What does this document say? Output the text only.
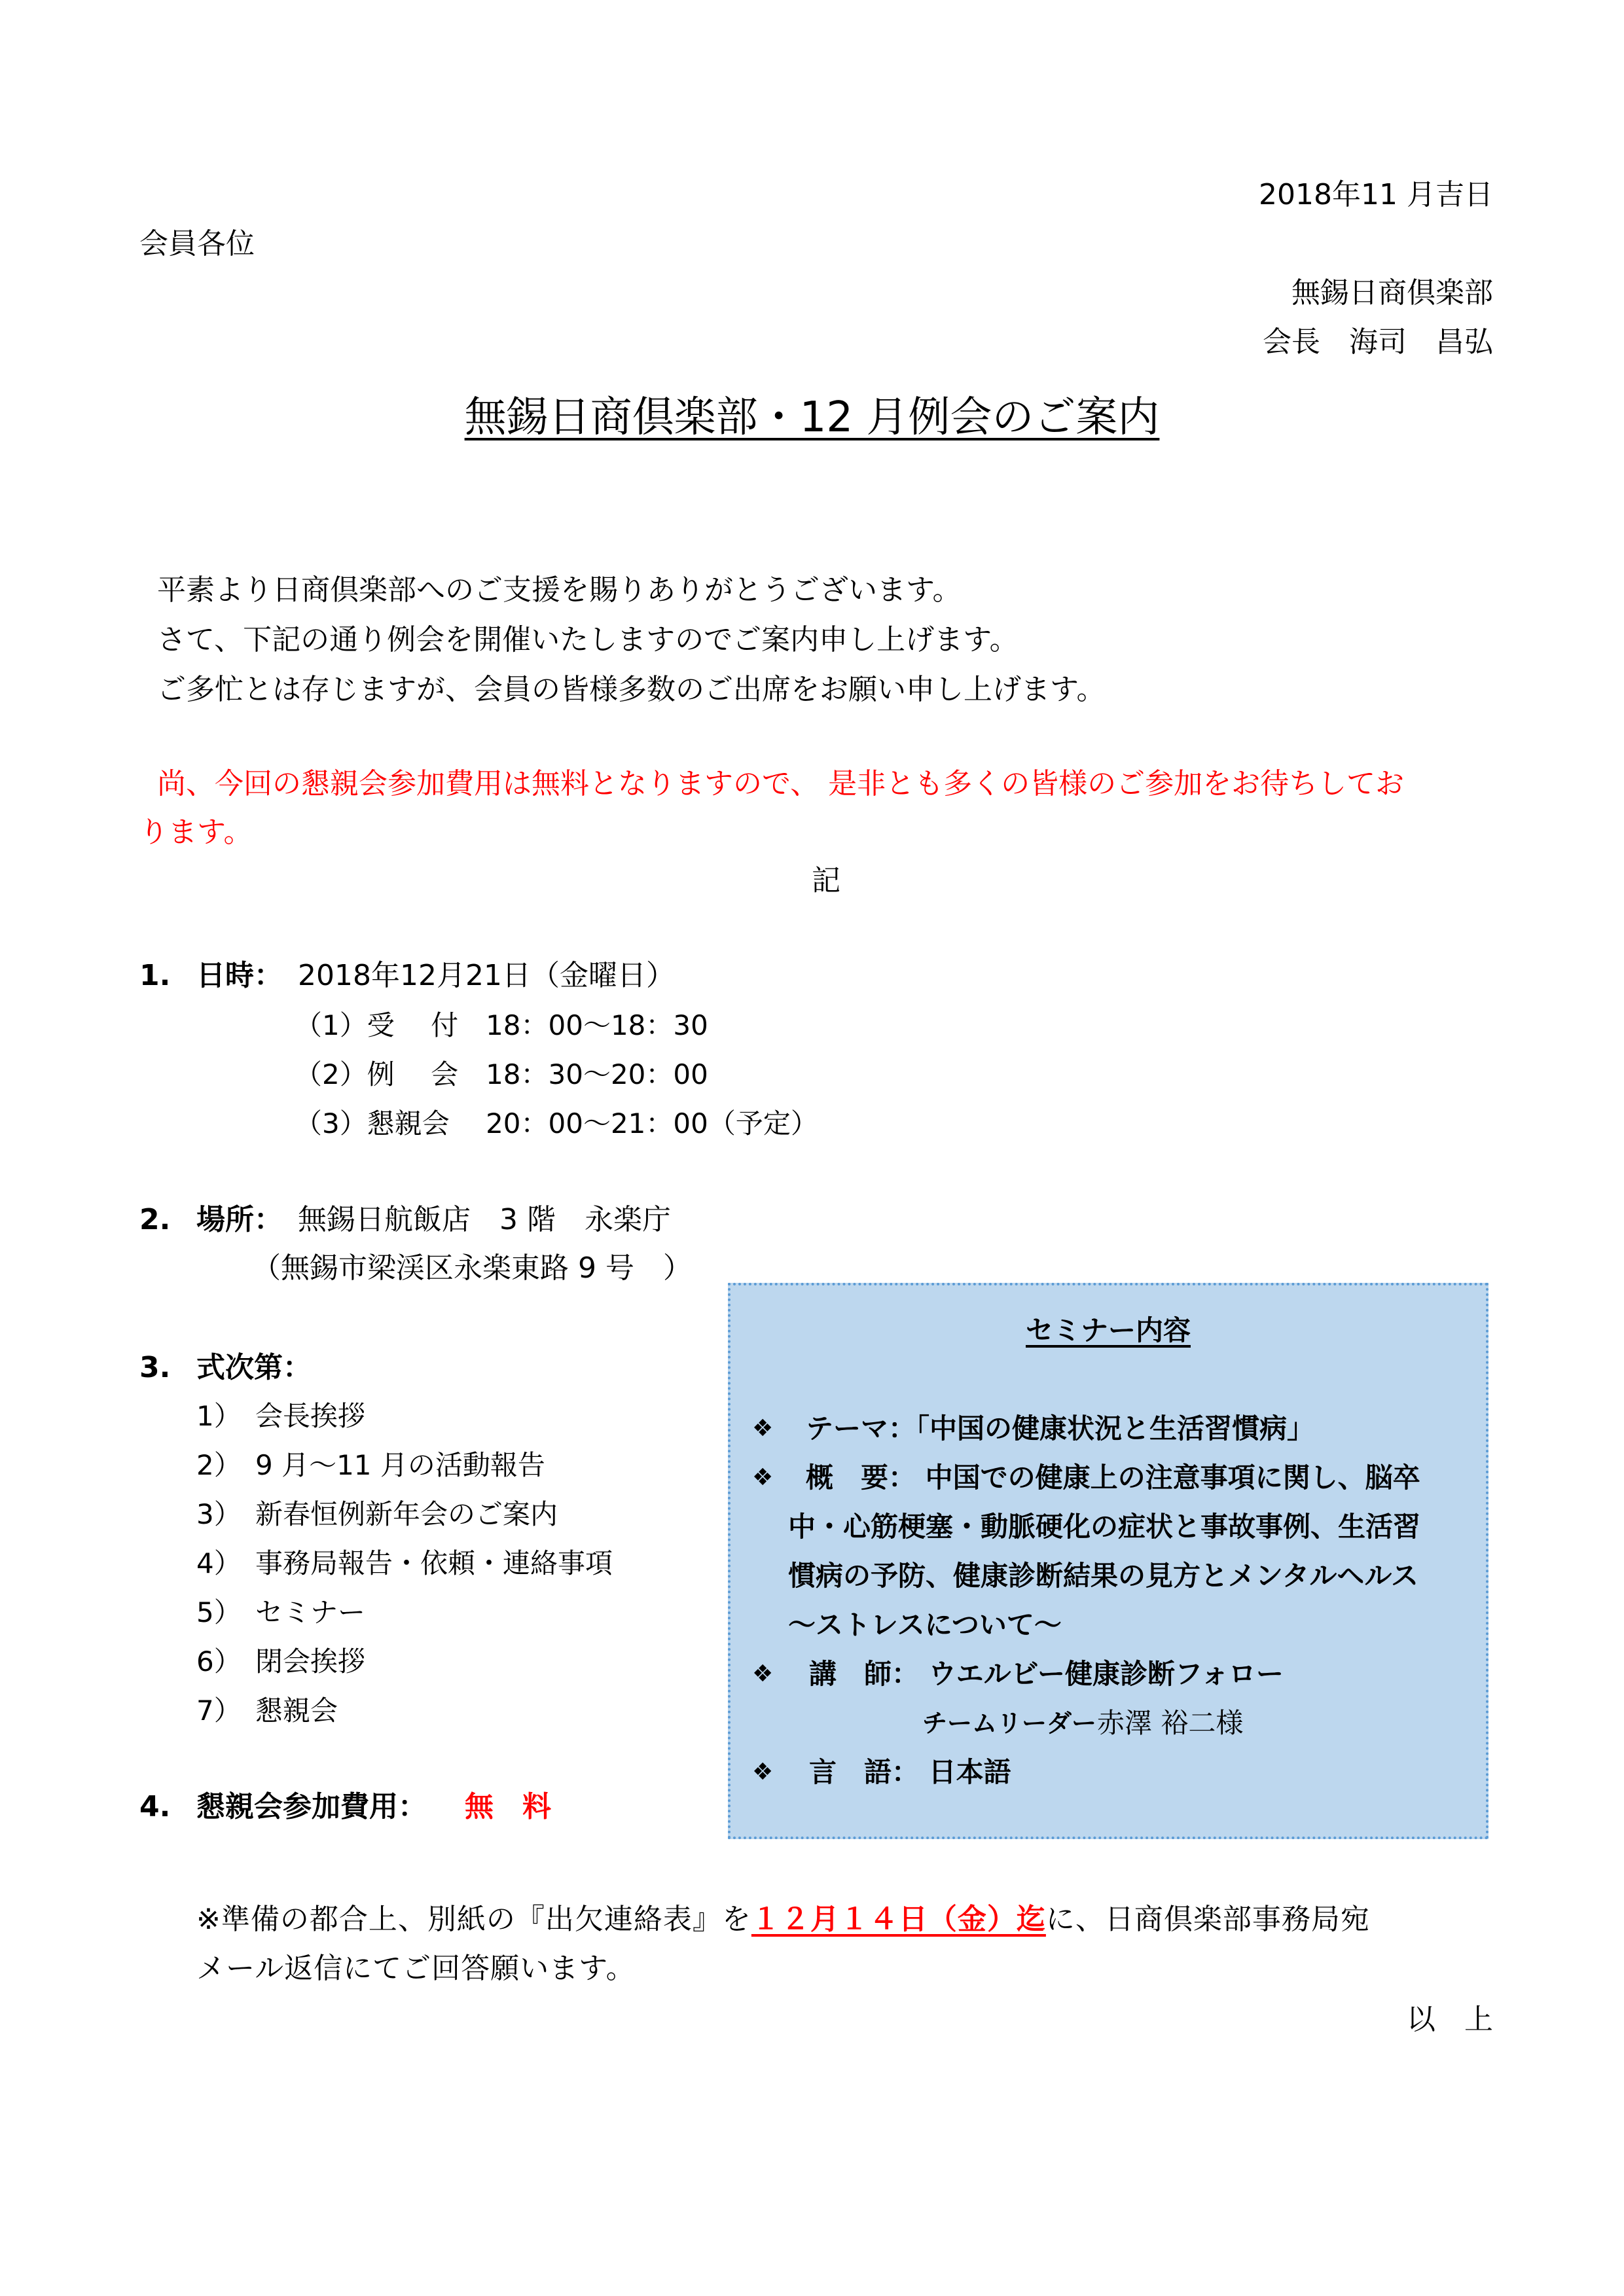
2018年11 月吉日
会員各位
無錫日商倶楽部
会長　海司　昌弘
無錫日商倶楽部・12 月例会のご案内
平素より日商倶楽部へのご支援を賜りありがとうございます。
さて、下記の通り例会を開催いたしますのでご案内申し上げます。
ご多忙とは存じますが、会員の皆様多数のご出席をお願い申し上げます。
尚、今回の懇親会参加費用は無料となりますので、 是非とも多くの皆様のご参加をお待ちしてお
ります。
記
1. 日時： 2018年12月21日（金曜日）
（1）受　 付　18：00～18：30
（2）例　 会　18：30～20：00
（3）懇親会　 20：00～21：00（予定）
2. 場所： 無錫日航飯店　3 階　永楽庁
（無錫市梁渓区永楽東路 9 号　）
3. 式次第：
1） 会長挨拶
2） 9 月～11 月の活動報告
3） 新春恒例新年会のご案内
4） 事務局報告・依頼・連絡事項
5） セミナー
6） 閉会挨拶
7） 懇親会
4. 懇親会参加費用： 無　料
セミナー内容
❖ テーマ：「中国の健康状況と生活習慣病」
❖ 概　要： 中国での健康上の注意事項に関し、脳卒
中・心筋梗塞・動脈硬化の症状と事故事例、生活習
慣病の予防、健康診断結果の見方とメンタルヘルス
～ストレスについて～
❖ 講　師： ウエルビー健康診断フォロー
チームリーダー 赤澤 裕二様
❖ 言　語： 日本語
※準備の都合上、別紙の『出欠連絡表』を１２月１４日（金）迄に、日商倶楽部事務局宛
メール返信にてご回答願います。
以　上
